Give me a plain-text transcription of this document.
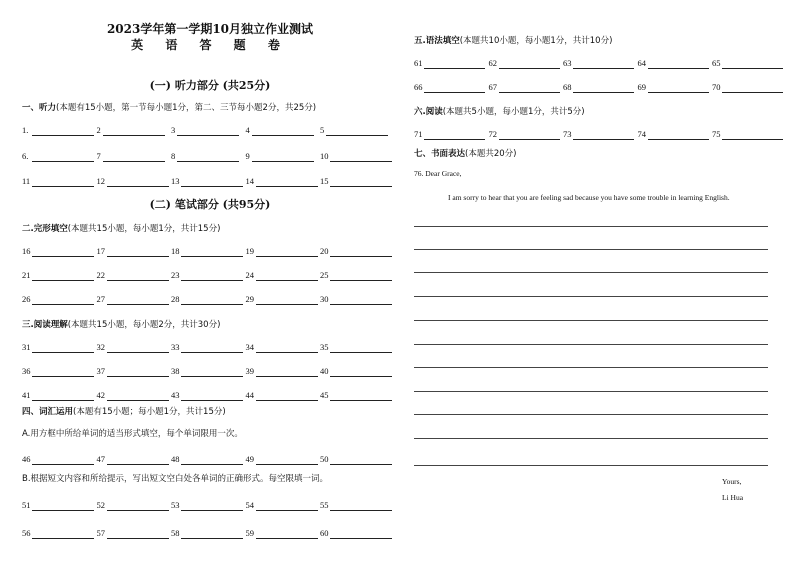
2023学年第一学期10月独立作业测试
英 语 答 题 卷
(一) 听力部分 (共25分)
一、听力(本题有15小题，第一节每小题1分，第二、三节每小题2分，共25分)
1.	2	3	4	5
6.	7	8	9	10
11	12	13	14	15
(二) 笔试部分 (共95分)
二.完形填空(本题共15小题，每小题1分，共计15分)
16	17	18	19	20
21	22	23	24	25
26	27	28	29	30
三.阅读理解(本题共15小题，每小题2分，共计30分)
31	32	33	34	35
36	37	38	39	40
41	42	43	44	45
四、词汇运用(本题有15小题；每小题1分，共计15分)
A.用方框中所给单词的适当形式填空，每个单词限用一次。
46	47	48	49	50
B.根据短文内容和所给提示，写出短文空白处各单词的正确形式。每空限填一词。
51	52	53	54	55
56	57	58	59	60
五.语法填空(本题共10小题，每小题1分，共计10分)
61	62	63	64	65
66	67	68	69	70
六.阅读(本题共5小题，每小题1分，共计5分)
71	72	73	74	75
七、书面表达(本题共20分)
76. Dear Grace,
I am sorry to hear that you are feeling sad because you have some trouble in learning English.
Yours,
Li Hua
